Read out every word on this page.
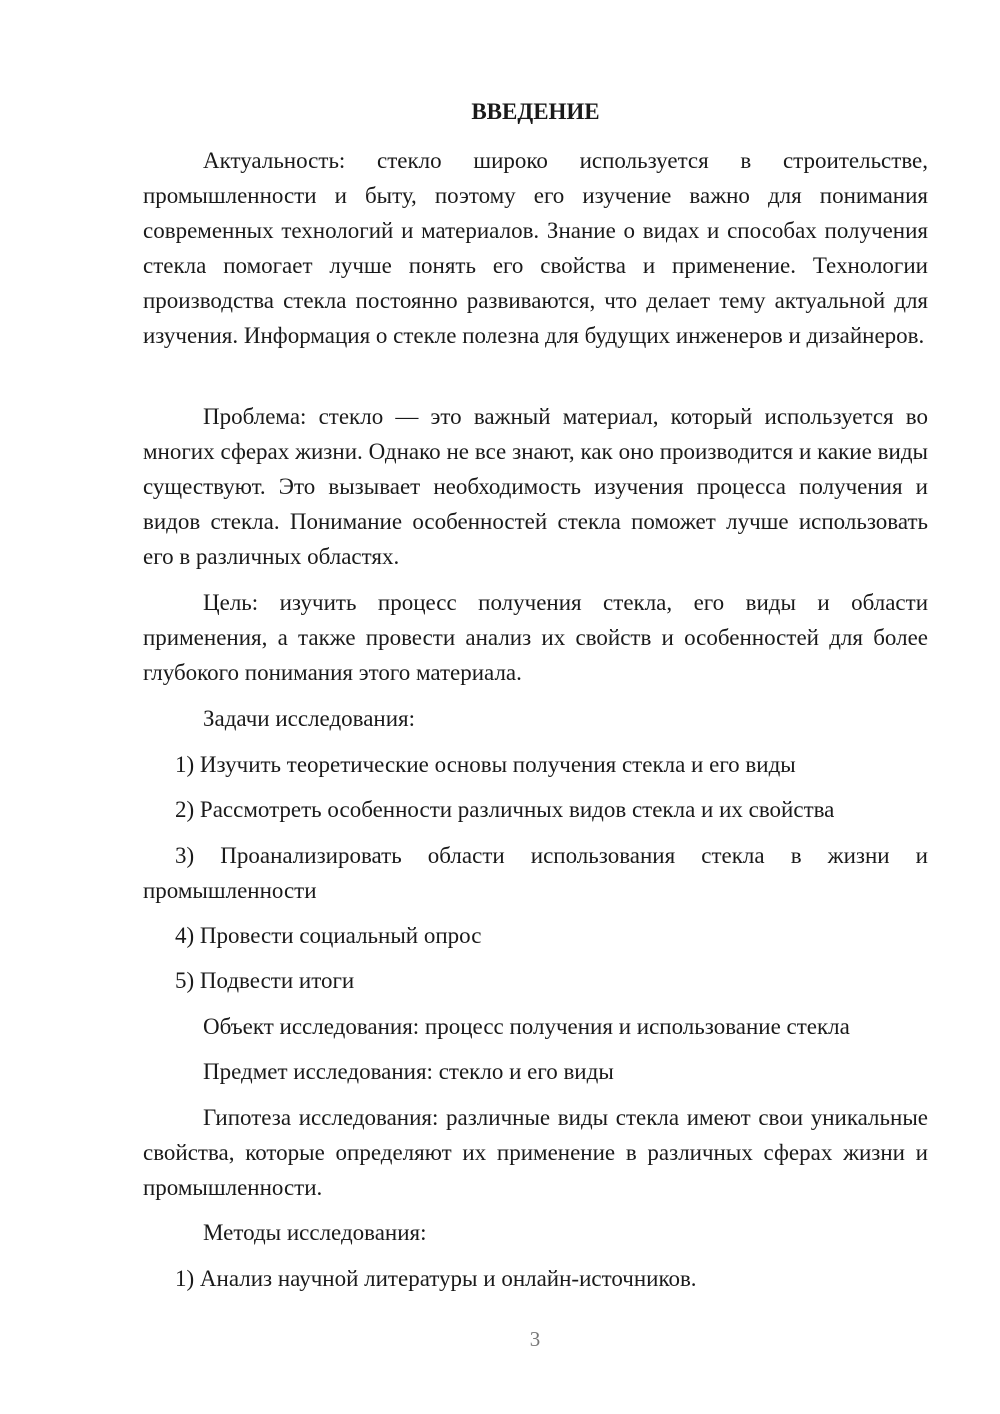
ВВЕДЕНИЕ

Актуальность: стекло широко используется в строительстве, промышленности и быту, поэтому его изучение важно для понимания современных технологий и материалов. Знание о видах и способах получения стекла помогает лучше понять его свойства и применение. Технологии производства стекла постоянно развиваются, что делает тему актуальной для изучения. Информация о стекле полезна для будущих инженеров и дизайнеров.

Проблема: стекло — это важный материал, который используется во многих сферах жизни. Однако не все знают, как оно производится и какие виды существуют. Это вызывает необходимость изучения процесса получения и видов стекла. Понимание особенностей стекла поможет лучше использовать его в различных областях.

Цель: изучить процесс получения стекла, его виды и области применения, а также провести анализ их свойств и особенностей для более глубокого понимания этого материала.

Задачи исследования:

1) Изучить теоретические основы получения стекла и его виды

2) Рассмотреть особенности различных видов стекла и их свойства

3) Проанализировать области использования стекла в жизни и промышленности

4) Провести социальный опрос

5) Подвести итоги

Объект исследования: процесс получения и использование стекла

Предмет исследования: стекло и его виды

Гипотеза исследования: различные виды стекла имеют свои уникальные свойства, которые определяют их применение в различных сферах жизни и промышленности.

Методы исследования:

1) Анализ научной литературы и онлайн-источников.

3
